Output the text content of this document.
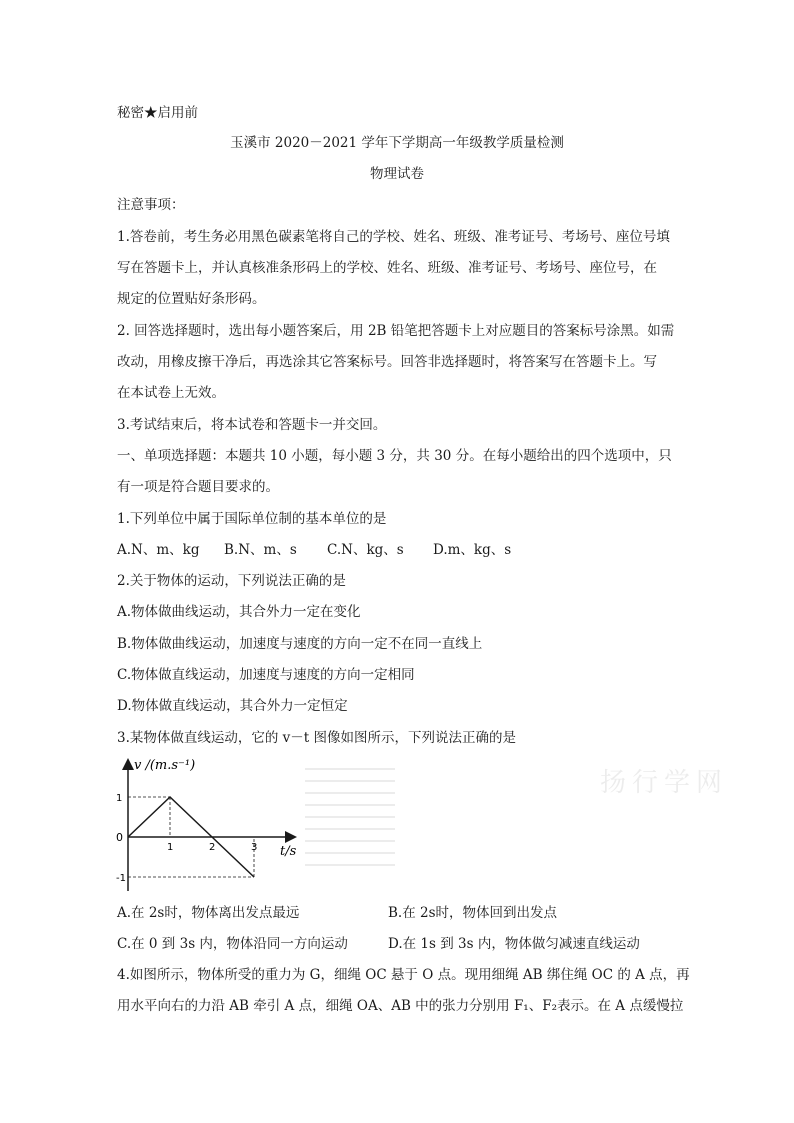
扬行学网
秘密★启用前
玉溪市 2020－2021 学年下学期高一年级教学质量检测
物理试卷
注意事项：
1.答卷前，考生务必用黑色碳素笔将自己的学校、姓名、班级、准考证号、考场号、座位号填
写在答题卡上，并认真核准条形码上的学校、姓名、班级、准考证号、考场号、座位号，在
规定的位置贴好条形码。
2. 回答选择题时，选出每小题答案后，用 2B 铅笔把答题卡上对应题目的答案标号涂黑。如需
改动，用橡皮擦干净后，再选涂其它答案标号。回答非选择题时，将答案写在答题卡上。写
在本试卷上无效。
3.考试结束后，将本试卷和答题卡一并交回。
一、单项选择题：本题共 10 小题，每小题 3 分，共 30 分。在每小题给出的四个选项中，只
有一项是符合题目要求的。
1.下列单位中属于国际单位制的基本单位的是
A.N、m、kg B.N、m、s C.N、kg、s D.m、kg、s
2.关于物体的运动，下列说法正确的是
A.物体做曲线运动，其合外力一定在变化
B.物体做曲线运动，加速度与速度的方向一定不在同一直线上
C.物体做直线运动，加速度与速度的方向一定相同
D.物体做直线运动，其合外力一定恒定
3.某物体做直线运动，它的 v－t 图像如图所示，下列说法正确的是
v /(m.s⁻¹)
t/s
0
1
-1
1	2	3
A.在 2s时，物体离出发点最远	B.在 2s时，物体回到出发点
C.在 0 到 3s 内，物体沿同一方向运动	D.在 1s 到 3s 内，物体做匀减速直线运动
4.如图所示，物体所受的重力为 G，细绳 OC 悬于 O 点。现用细绳 AB 绑住绳 OC 的 A 点，再
用水平向右的力沿 AB 牵引 A 点，细绳 OA、AB 中的张力分别用 F₁、F₂表示。在 A 点缓慢拉
